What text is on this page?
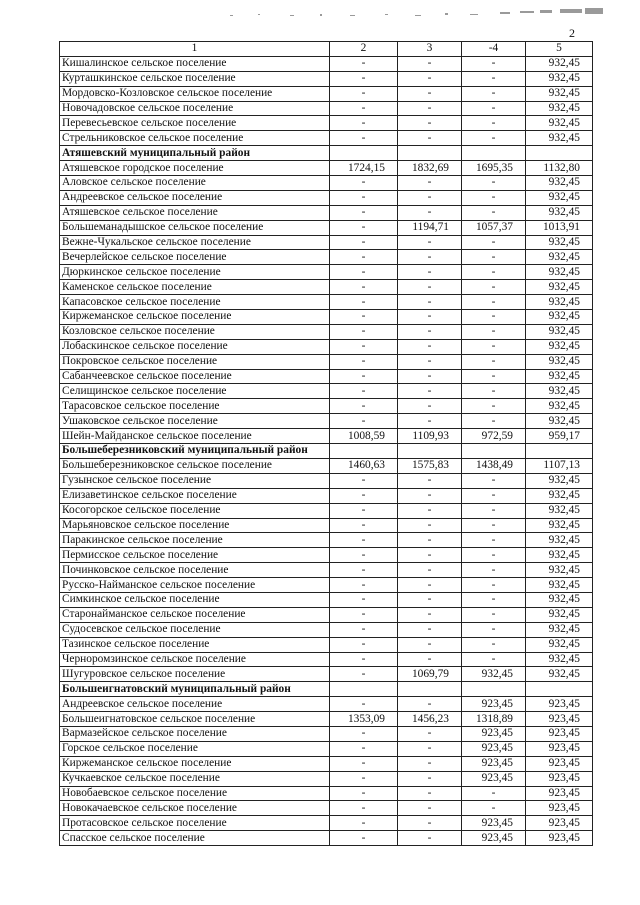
2
1	2	3	-4	5
Кишалинское сельское поселение	-	-	-	932,45
Курташкинское сельское поселение	-	-	-	932,45
Мордовско-Козловское сельское поселение	-	-	-	932,45
Новочадовское сельское поселение	-	-	-	932,45
Перевесьевское сельское поселение	-	-	-	932,45
Стрельниковское сельское поселение	-	-	-	932,45
Атяшевский муниципальный район				
Атяшевское городское поселение	1724,15	1832,69	1695,35	1132,80
Аловское сельское поселение	-	-	-	932,45
Андреевское сельское поселение	-	-	-	932,45
Атяшевское сельское поселение	-	-	-	932,45
Большеманадышское сельское поселение	-	1194,71	1057,37	1013,91
Вежне-Чукальское сельское поселение	-	-	-	932,45
Вечерлейское сельское поселение	-	-	-	932,45
Дюркинское сельское поселение	-	-	-	932,45
Каменское сельское поселение	-	-	-	932,45
Капасовское сельское поселение	-	-	-	932,45
Киржеманское сельское поселение	-	-	-	932,45
Козловское сельское поселение	-	-	-	932,45
Лобаскинское сельское поселение	-	-	-	932,45
Покровское сельское поселение	-	-	-	932,45
Сабанчеевское сельское поселение	-	-	-	932,45
Селищинское сельское поселение	-	-	-	932,45
Тарасовское сельское поселение	-	-	-	932,45
Ушаковское сельское поселение	-	-	-	932,45
Шейн-Майданское сельское поселение	1008,59	1109,93	972,59	959,17
Большеберезниковский муниципальный район				
Большеберезниковское сельское поселение	1460,63	1575,83	1438,49	1107,13
Гузынское сельское поселение	-	-	-	932,45
Елизаветинское сельское поселение	-	-	-	932,45
Косогорское сельское поселение	-	-	-	932,45
Марьяновское сельское поселение	-	-	-	932,45
Паракинское сельское поселение	-	-	-	932,45
Пермисское сельское поселение	-	-	-	932,45
Починковское сельское поселение	-	-	-	932,45
Русско-Найманское сельское поселение	-	-	-	932,45
Симкинское сельское поселение	-	-	-	932,45
Старонайманское сельское поселение	-	-	-	932,45
Судосевское сельское поселение	-	-	-	932,45
Тазинское сельское поселение	-	-	-	932,45
Черноромзинское сельское поселение	-	-	-	932,45
Шугуровское сельское поселение	-	1069,79	932,45	932,45
Большеигнатовский муниципальный район				
Андреевское сельское поселение	-	-	923,45	923,45
Большеигнатовское сельское поселение	1353,09	1456,23	1318,89	923,45
Вармазейское сельское поселение	-	-	923,45	923,45
Горское сельское поселение	-	-	923,45	923,45
Киржеманское сельское поселение	-	-	923,45	923,45
Кучкаевское сельское поселение	-	-	923,45	923,45
Новобаевское сельское поселение	-	-	-	923,45
Новокачаевское сельское поселение	-	-	-	923,45
Протасовское сельское поселение	-	-	923,45	923,45
Спасское сельское поселение	-	-	923,45	923,45
